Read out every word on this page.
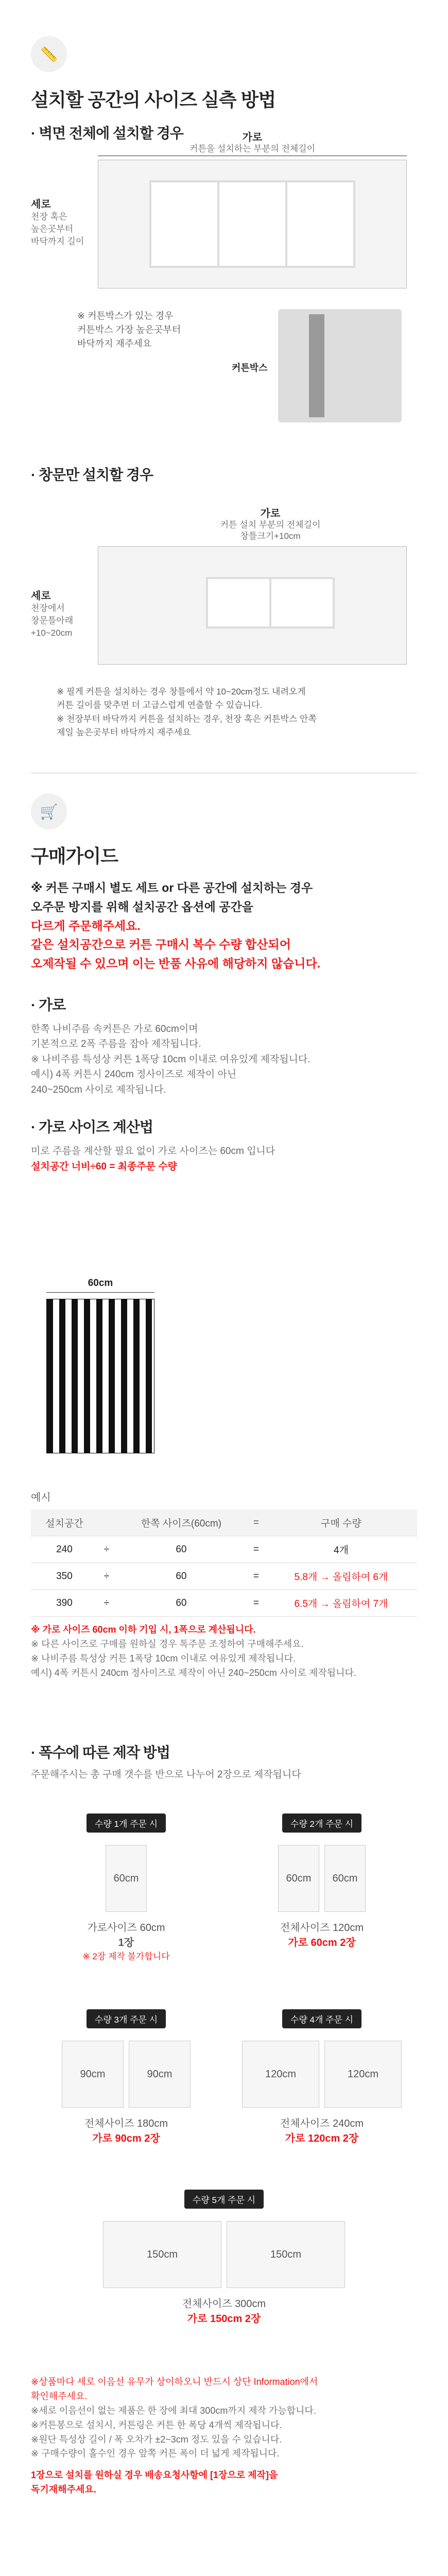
📏
설치할 공간의 사이즈 실측 방법
· 벽면 전체에 설치할 경우	가로
커튼을 설치하는 부분의 전체길이
세로
천장 혹은
높은곳부터
바닥까지 길이
※ 커튼박스가 있는 경우
커튼박스 가장 높은곳부터
바닥까지 재주세요
커튼박스
· 창문만 설치할 경우
가로
커튼 설치 부분의 전체길이
창틀크기+10cm
세로
천장에서
창문틀아래
+10~20cm
※ 필게 커튼을 설치하는 경우 창틀에서 약 10~20cm정도 내려오게
커튼 길이를 맞추면 더 고급스럽게 연출할 수 있습니다.
※ 천장부터 바닥까지 커튼을 설치하는 경우, 천장 혹은 커튼박스 안쪽
제일 높은곳부터 바닥까지 재주세요
🛒
구매가이드
※ 커튼 구매시 별도 세트 or 다른 공간에 설치하는 경우
오주문 방지를 위해 설치공간 옵션에 공간을
다르게 주문해주세요.
같은 설치공간으로 커튼 구매시 복수 수량 합산되어
오제작될 수 있으며 이는 반품 사유에 해당하지 않습니다.
· 가로
한쪽 나비주름 속커튼은 가로 60cm이며
기본적으로 2폭 주름을 잡아 제작됩니다.
※ 나비주름 특성상 커튼 1폭당 10cm 이내로 여유있게 제작됩니다.
예시) 4폭 커튼시 240cm 정사이즈로 제작이 아닌
240~250cm 사이로 제작됩니다.
· 가로 사이즈 계산법
미로 주름을 계산할 필요 없이 가로 사이즈는 60cm 입니다
설치공간 너비÷60 = 최종주문 수량
60cm
예시
설치공간		한쪽 사이즈(60cm)	=	구매 수량
240	÷	60	=	4개
350	÷	60	=	5.8개 → 올림하여 6개
390	÷	60	=	6.5개 → 올림하여 7개
※ 가로 사이즈 60cm 이하 기입 시, 1폭으로 계산됩니다.
※ 다른 사이즈로 구매를 원하실 경우 톡주문 조정하여 구매해주세요.
※ 나비주름 특성상 커튼 1폭당 10cm 이내로 여유있게 제작됩니다.
예시) 4폭 커튼시 240cm 정사이즈로 제작이 아닌 240~250cm 사이로 제작됩니다.
· 폭수에 따른 제작 방법
주문해주시는 총 구매 갯수를 반으로 나누어 2장으로 제작됩니다
수량 1개 주문 시
60cm
가로사이즈 60cm
1장
※ 2장 제작 불가합니다
수량 2개 주문 시
60cm	60cm
전체사이즈 120cm
가로 60cm 2장
수량 3개 주문 시
90cm	90cm
전체사이즈 180cm
가로 90cm 2장
수량 4개 주문 시
120cm	120cm
전체사이즈 240cm
가로 120cm 2장
수량 5개 주문 시
150cm	150cm
전체사이즈 300cm
가로 150cm 2장
※상품마다 세로 이음선 유무가 상이하오니 반드시 상단 Information에서
확인해주세요.
※세로 이음선이 없는 제품은 한 장에 최대 300cm까지 제작 가능합니다.
※커튼봉으로 설치시, 커튼링은 커튼 한 폭당 4개씩 제작됩니다.
※원단 특성상 길이 / 폭 오차가 ±2~3cm 정도 있을 수 있습니다.
※ 구매수량이 홀수인 경우 앞쪽 커튼 폭이 더 넓게 제작됩니다.
1장으로 설치를 원하실 경우 배송요청사항에 [1장으로 제작]을
독기재해주세요.
